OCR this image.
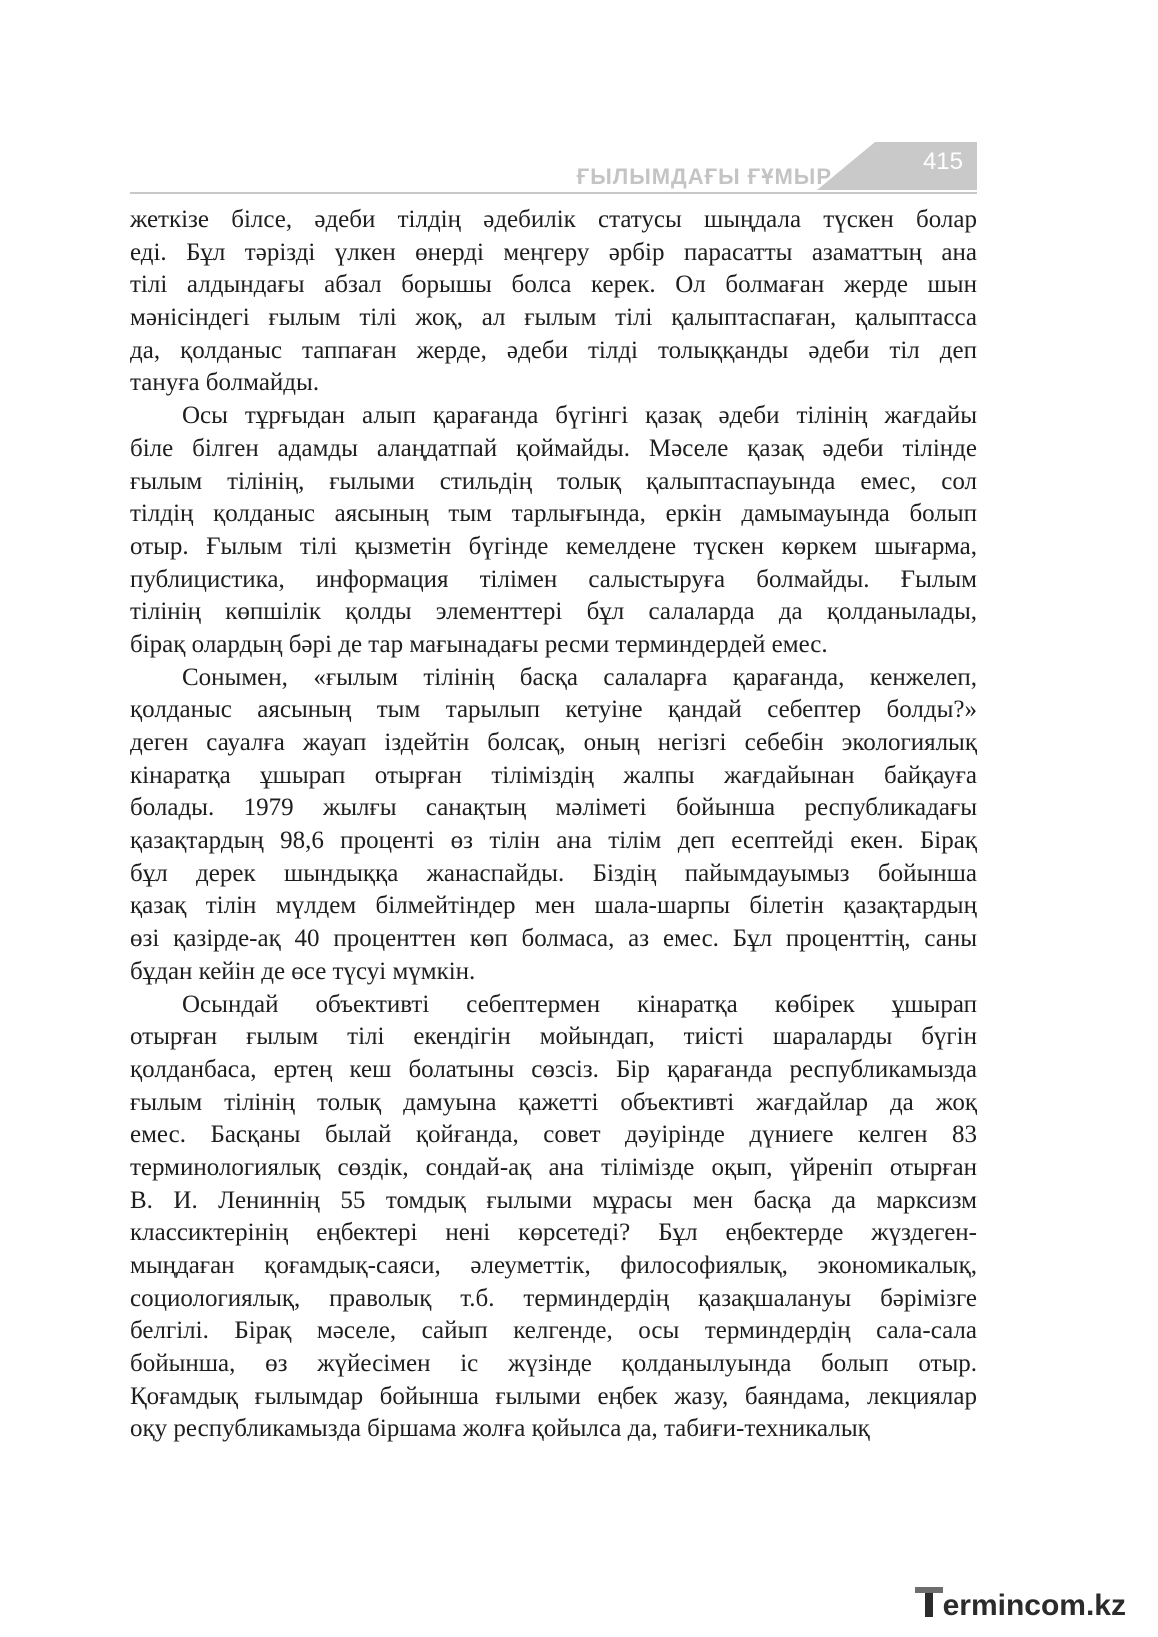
ҒЫЛЫМДАҒЫ ҒҰМЫР
415
жеткізе білсе, әдеби тілдің әдебилік статусы шыңдала түскен болар
еді. Бұл тәрізді үлкен өнерді меңгеру әрбір парасатты азаматтың ана
тілі алдындағы абзал борышы болса керек. Ол болмаған жерде шын
мәнісіндегі ғылым тілі жоқ, ал ғылым тілі қалыптаспаған, қалыптасса
да, қолданыс таппаған жерде, әдеби тілді толыққанды әдеби тіл деп
тануға болмайды.
Осы тұрғыдан алып қарағанда бүгінгі қазақ әдеби тілінің жағдайы
біле білген адамды алаңдатпай қоймайды. Мәселе қазақ әдеби тілінде
ғылым тілінің, ғылыми стильдің толық қалыптаспауында емес, сол
тілдің қолданыс аясының тым тарлығында, еркін дамымауында болып
отыр. Ғылым тілі қызметін бүгінде кемелдене түскен көркем шығарма,
публицистика, информация тілімен салыстыруға болмайды. Ғылым
тілінің көпшілік қолды элементтері бұл салаларда да қолданылады,
бірақ олардың бәрі де тар мағынадағы ресми терминдердей емес.
Сонымен, «ғылым тілінің басқа салаларға қарағанда, кенжелеп,
қолданыс аясының тым тарылып кетуіне қандай себептер болды?»
деген сауалға жауап іздейтін болсақ, оның негізгі себебін экологиялық
кінаратқа ұшырап отырған тіліміздің жалпы жағдайынан байқауға
болады. 1979 жылғы санақтың мәліметі бойынша республикадағы
қазақтардың 98,6 проценті өз тілін ана тілім деп есептейді екен. Бірақ
бұл дерек шындыққа жанаспайды. Біздің пайымдауымыз бойынша
қазақ тілін мүлдем білмейтіндер мен шала-шарпы білетін қазақтардың
өзі қазірде-ақ 40 проценттен көп болмаса, аз емес. Бұл проценттің, саны
бұдан кейін де өсе түсуі мүмкін.
Осындай объективті себептермен кінаратқа көбірек ұшырап
отырған ғылым тілі екендігін мойындап, тиісті шараларды бүгін
қолданбаса, ертең кеш болатыны сөзсіз. Бір қарағанда республикамызда
ғылым тілінің толық дамуына қажетті объективті жағдайлар да жоқ
емес. Басқаны былай қойғанда, совет дәуірінде дүниеге келген 83
терминологиялық сөздік, сондай-ақ ана тілімізде оқып, үйреніп отырған
В. И. Лениннің 55 томдық ғылыми мұрасы мен басқа да марксизм
классиктерінің еңбектері нені көрсетеді? Бұл еңбектерде жүздеген-
мыңдаған қоғамдық-саяси, әлеуметтік, философиялық, экономикалық,
социологиялық, праволық т.б. терминдердің қазақшалануы бәрімізге
белгілі. Бірақ мәселе, сайып келгенде, осы терминдердің сала-сала
бойынша, өз жүйесімен іс жүзінде қолданылуында болып отыр.
Қоғамдық ғылымдар бойынша ғылыми еңбек жазу, баяндама, лекциялар
оқу республикамызда біршама жолға қойылса да, табиғи-техникалық
ermincom.kz
